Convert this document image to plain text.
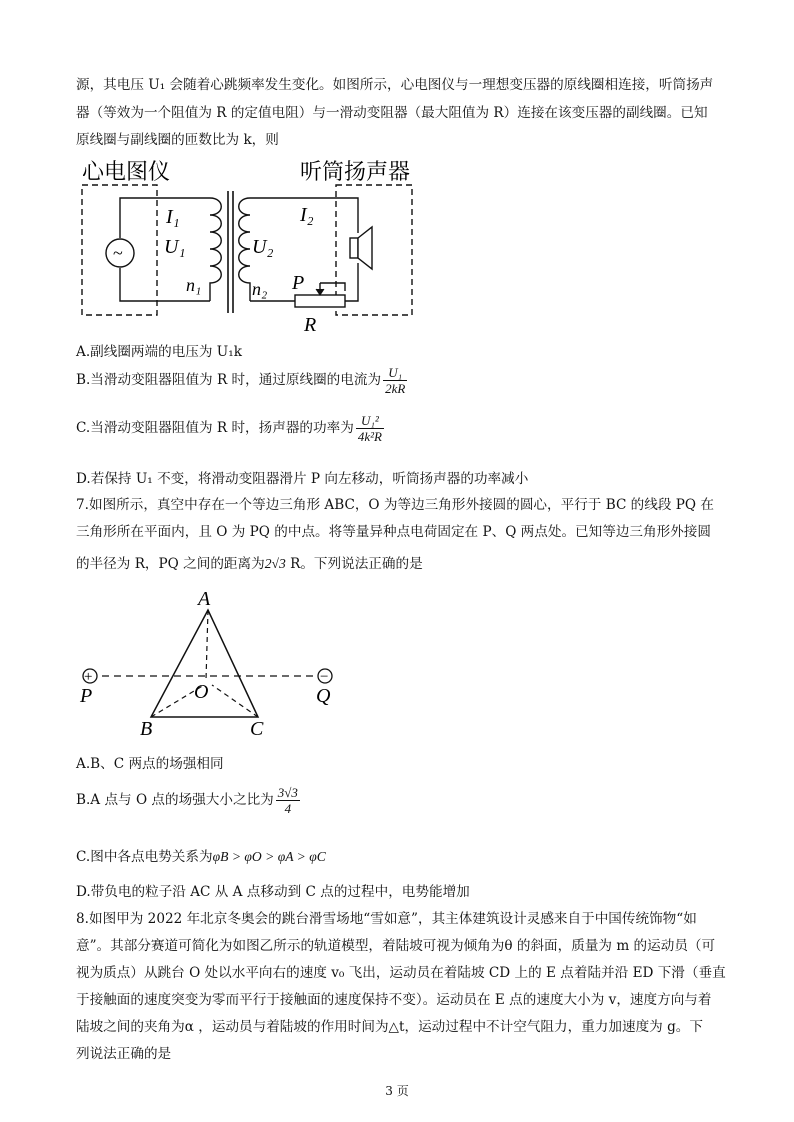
源，其电压 U₁ 会随着心跳频率发生变化。如图所示，心电图仪与一理想变压器的原线圈相连接，听筒扬声
器（等效为一个阻值为 R 的定值电阻）与一滑动变阻器（最大阻值为 R）连接在该变压器的副线圈。已知
原线圈与副线圈的匝数比为 k，则
心电图仪	听筒扬声器
~
I₁
U₁
n₁
U₂
I₂
n₂ P
R
A.副线圈两端的电压为 U₁k
B.当滑动变阻器阻值为 R 时，通过原线圈的电流为 $\frac{\text{U₁}}{2kR}$
C.当滑动变阻器阻值为 R 时，扬声器的功率为 $\frac{\text{U₁²}}{\text{4k²R}}$
D.若保持 U₁ 不变，将滑动变阻器滑片 P 向左移动，听筒扬声器的功率减小
7.如图所示，真空中存在一个等边三角形 ABC，O 为等边三角形外接圆的圆心，平行于 BC 的线段 PQ 在
三角形所在平面内，且 O 为 PQ 的中点。将等量异种点电荷固定在 P、Q 两点处。已知等边三角形外接圆
的半径为 R，PQ 之间的距离为2√3 R。下列说法正确的是
+	−
A
O
B	C
P	Q
A.B、C 两点的场强相同
B.A 点与 O 点的场强大小之比为 $\frac{3√3}{4}$
C.图中各点电势关系为φB > φO > φA > φC
D.带负电的粒子沿 AC 从 A 点移动到 C 点的过程中，电势能增加
8.如图甲为 2022 年北京冬奥会的跳台滑雪场地“雪如意”，其主体建筑设计灵感来自于中国传统饰物“如
意”。其部分赛道可简化为如图乙所示的轨道模型，着陆坡可视为倾角为θ 的斜面，质量为 m 的运动员（可
视为质点）从跳台 O 处以水平向右的速度 v₀ 飞出，运动员在着陆坡 CD 上的 E 点着陆并沿 ED 下滑（垂直
于接触面的速度突变为零而平行于接触面的速度保持不变）。运动员在 E 点的速度大小为 v，速度方向与着
陆坡之间的夹角为α ，运动员与着陆坡的作用时间为△t，运动过程中不计空气阻力，重力加速度为 g。下
列说法正确的是
3 页
